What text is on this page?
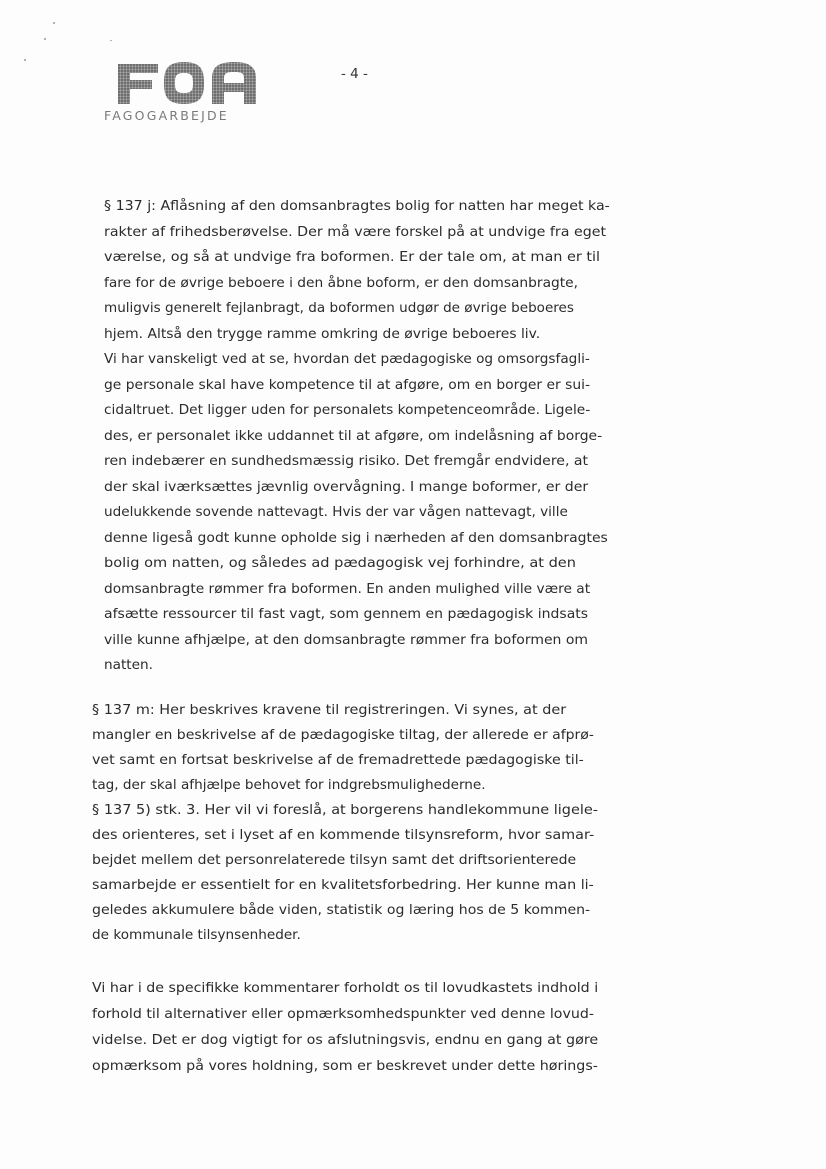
FAGOGARBEJDE
- 4 -
§ 137 j: Aflåsning af den domsanbragtes bolig for natten har meget ka-
rakter af frihedsberøvelse. Der må være forskel på at undvige fra eget
værelse, og så at undvige fra boformen. Er der tale om, at man er til
fare for de øvrige beboere i den åbne boform, er den domsanbragte,
muligvis generelt fejlanbragt, da boformen udgør de øvrige beboeres
hjem. Altså den trygge ramme omkring de øvrige beboeres liv.
Vi har vanskeligt ved at se, hvordan det pædagogiske og omsorgsfagli-
ge personale skal have kompetence til at afgøre, om en borger er sui-
cidaltruet. Det ligger uden for personalets kompetenceområde. Ligele-
des, er personalet ikke uddannet til at afgøre, om indelåsning af borge-
ren indebærer en sundhedsmæssig risiko. Det fremgår endvidere, at
der skal iværksættes jævnlig overvågning. I mange boformer, er der
udelukkende sovende nattevagt. Hvis der var vågen nattevagt, ville
denne ligeså godt kunne opholde sig i nærheden af den domsanbragtes
bolig om natten, og således ad pædagogisk vej forhindre, at den
domsanbragte rømmer fra boformen. En anden mulighed ville være at
afsætte ressourcer til fast vagt, som gennem en pædagogisk indsats
ville kunne afhjælpe, at den domsanbragte rømmer fra boformen om
natten.
§ 137 m: Her beskrives kravene til registreringen. Vi synes, at der
mangler en beskrivelse af de pædagogiske tiltag, der allerede er afprø-
vet samt en fortsat beskrivelse af de fremadrettede pædagogiske til-
tag, der skal afhjælpe behovet for indgrebsmulighederne.
§ 137 5) stk. 3. Her vil vi foreslå, at borgerens handlekommune ligele-
des orienteres, set i lyset af en kommende tilsynsreform, hvor samar-
bejdet mellem det personrelaterede tilsyn samt det driftsorienterede
samarbejde er essentielt for en kvalitetsforbedring. Her kunne man li-
geledes akkumulere både viden, statistik og læring hos de 5 kommen-
de kommunale tilsynsenheder.
Vi har i de specifikke kommentarer forholdt os til lovudkastets indhold i
forhold til alternativer eller opmærksomhedspunkter ved denne lovud-
videlse. Det er dog vigtigt for os afslutningsvis, endnu en gang at gøre
opmærksom på vores holdning, som er beskrevet under dette hørings-
